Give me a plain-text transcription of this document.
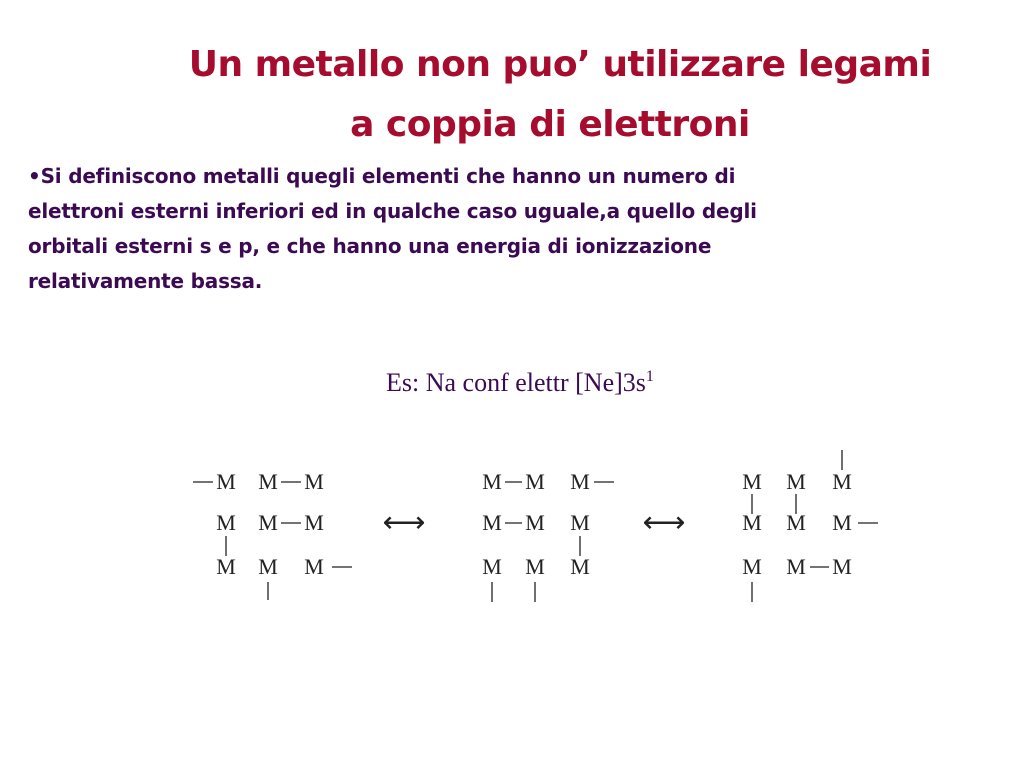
Un metallo non puo’ utilizzare legami
a coppia di elettroni
•Si definiscono metalli quegli elementi che hanno un numero di
elettroni esterni inferiori ed in qualche caso uguale,a quello degli
orbitali esterni s e p, e che hanno una energia di ionizzazione
relativamente bassa.
Es: Na conf elettr $[Ne]3s^1$
M M M
M M M
M M M
M M M
M M M
M M M
M M M
M M M
M M M
⟷	⟷
